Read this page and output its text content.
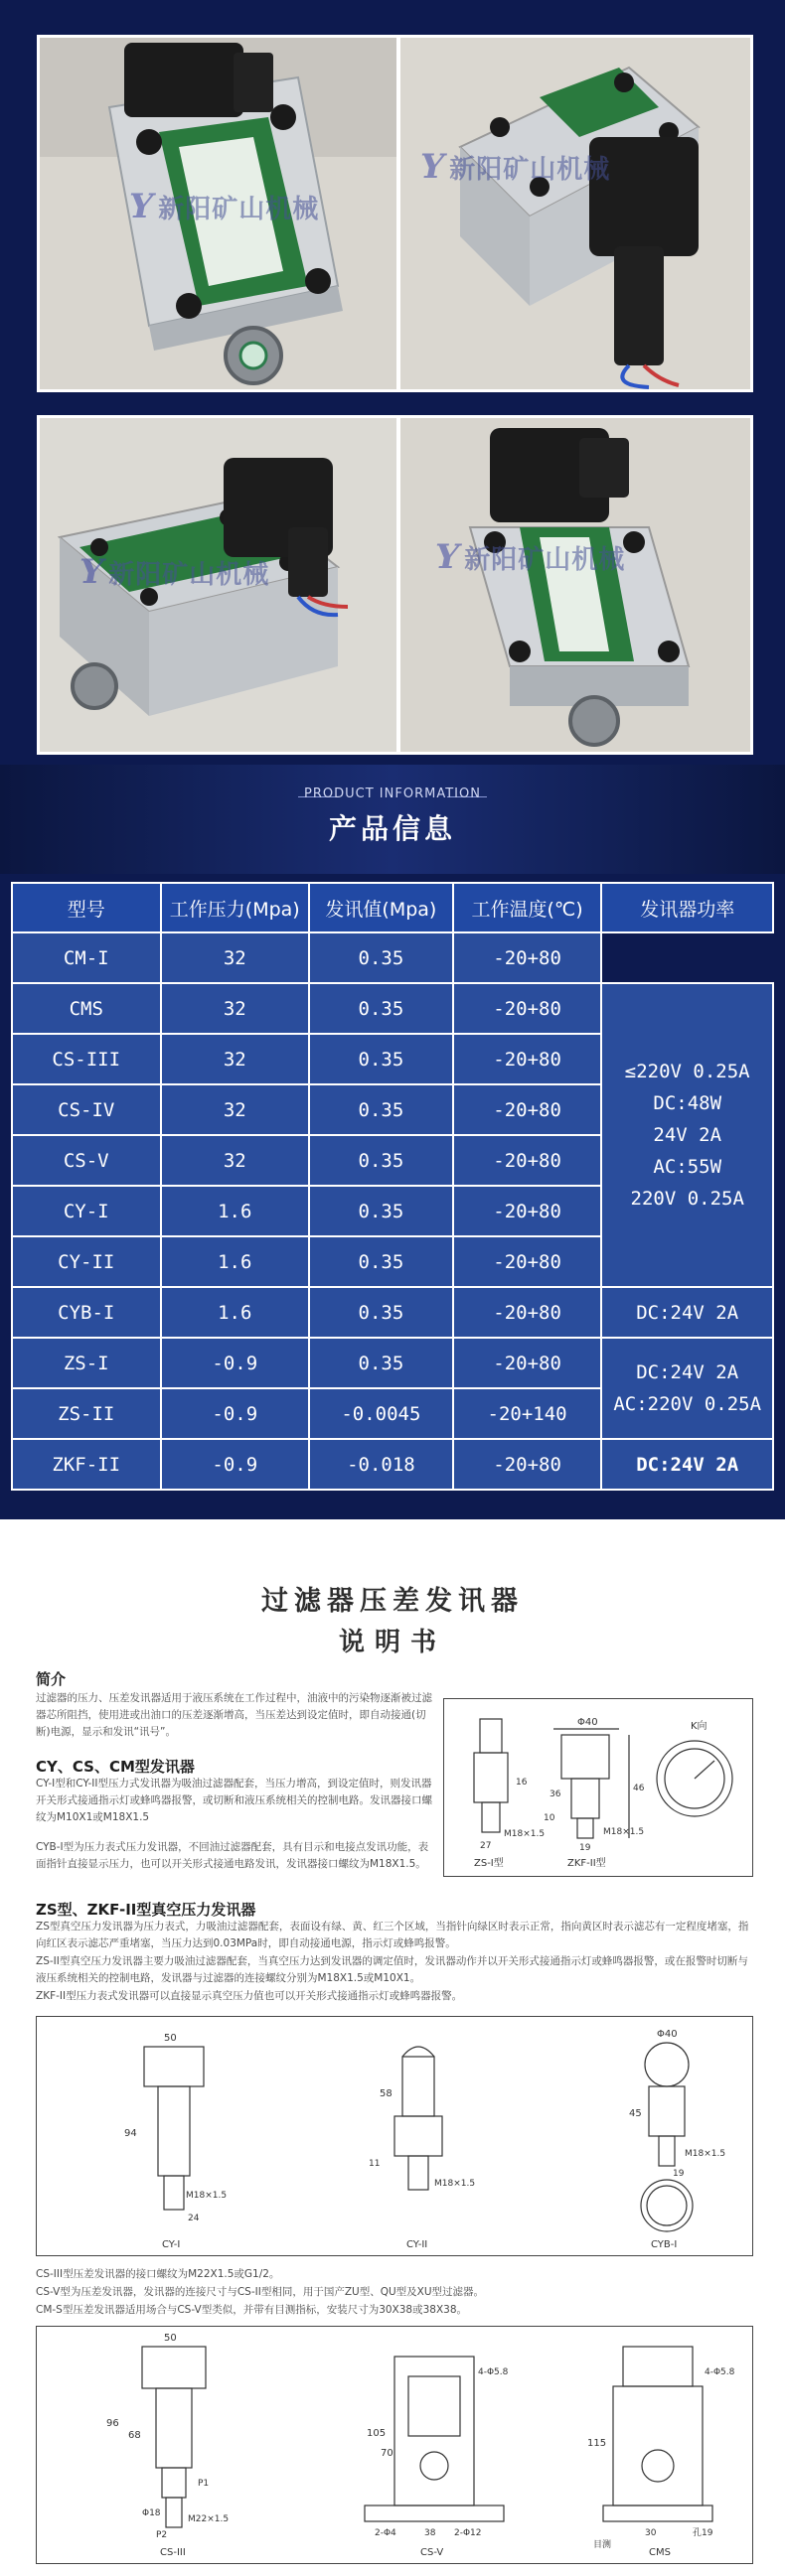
Y 新阳矿山机械
Y 新阳矿山机械
Y 新阳矿山机械	Y 新阳矿山机械
PRODUCT INFORMATION
产品信息
型号	工作压力(Mpa)	发讯值(Mpa)	工作温度(℃)	发讯器功率
CM-I	32	0.35	-20+80	
CMS	32	0.35	-20+80	≤220V 0.25A
DC:48W
24V 2A
AC:55W
220V 0.25A

CS-III	32	0.35	-20+80	
CS-IV	32	0.35	-20+80	
CS-V	32	0.35	-20+80	
CY-I	1.6	0.35	-20+80	
CY-II	1.6	0.35	-20+80	
CYB-I	1.6	0.35	-20+80	DC:24V 2A

ZS-I	-0.9	0.35	-20+80	DC:24V 2A
AC:220V 0.25A

ZS-II	-0.9	-0.0045	-20+140	
ZKF-II	-0.9	-0.018	-20+80	DC:24V 2A
过滤器压差发讯器
说明书
简介
过滤器的压力、压差发讯器适用于液压系统在工作过程中，油液中的污染物逐渐被过滤器芯所阻挡，使用进或出油口的压差逐渐增高，当压差达到设定值时，即自动接通(切断)电源，显示和发讯“讯号”。
CY、CS、CM型发讯器
CY-I型和CY-II型压力式发讯器为吸油过滤器配套，当压力增高，到设定值时，则发讯器开关形式接通指示灯或蜂鸣器报警，或切断和液压系统相关的控制电路。发讯器接口螺纹为M10X1或M18X1.5
CYB-I型为压力表式压力发讯器，不回油过滤器配套，具有目示和电接点发讯功能，表面指针直接显示压力，也可以开关形式接通电路发讯，发讯器接口螺纹为M18X1.5。
Φ40	K向
46
16
36
10
M18×1.5	M18×1.5
27	19
ZS-I型	ZKF-II型
ZS型、ZKF-II型真空压力发讯器
ZS型真空压力发讯器为压力表式，力吸油过滤器配套，表面设有绿、黄、红三个区域，当指针向绿区时表示正常，指向黄区时表示滤芯有一定程度堵塞，指向红区表示滤芯严重堵塞，当压力达到0.03MPa时，即自动接通电源，指示灯或蜂鸣报警。
ZS-II型真空压力发讯器主要力吸油过滤器配套，当真空压力达到发讯器的调定值时，发讯器动作并以开关形式接通指示灯或蜂鸣器报警，或在报警时切断与液压系统相关的控制电路，发讯器与过滤器的连接螺纹分别为M18X1.5或M10X1。
ZKF-II型压力表式发讯器可以直接显示真空压力值也可以开关形式接通指示灯或蜂鸣器报警。
50
94
M18×1.5
24
58
11
M18×1.5
Φ40
45
M18×1.5
19
CY-I	CY-II	CYB-I
CS-III型压差发讯器的接口螺纹为M22X1.5或G1/2。
CS-V型为压差发讯器，发讯器的连接尺寸与CS-II型相同，用于国产ZU型、QU型及XU型过滤器。
CM-S型压差发讯器适用场合与CS-V型类似，并带有目测指标，安装尺寸为30X38或38X38。
50
96
68
P1
Φ18
M22×1.5
P2
105
70
4-Φ5.8
2-Φ4	38 2-Φ12
115
4-Φ5.8
30	孔19
目测
CS-III	CS-V	CMS
